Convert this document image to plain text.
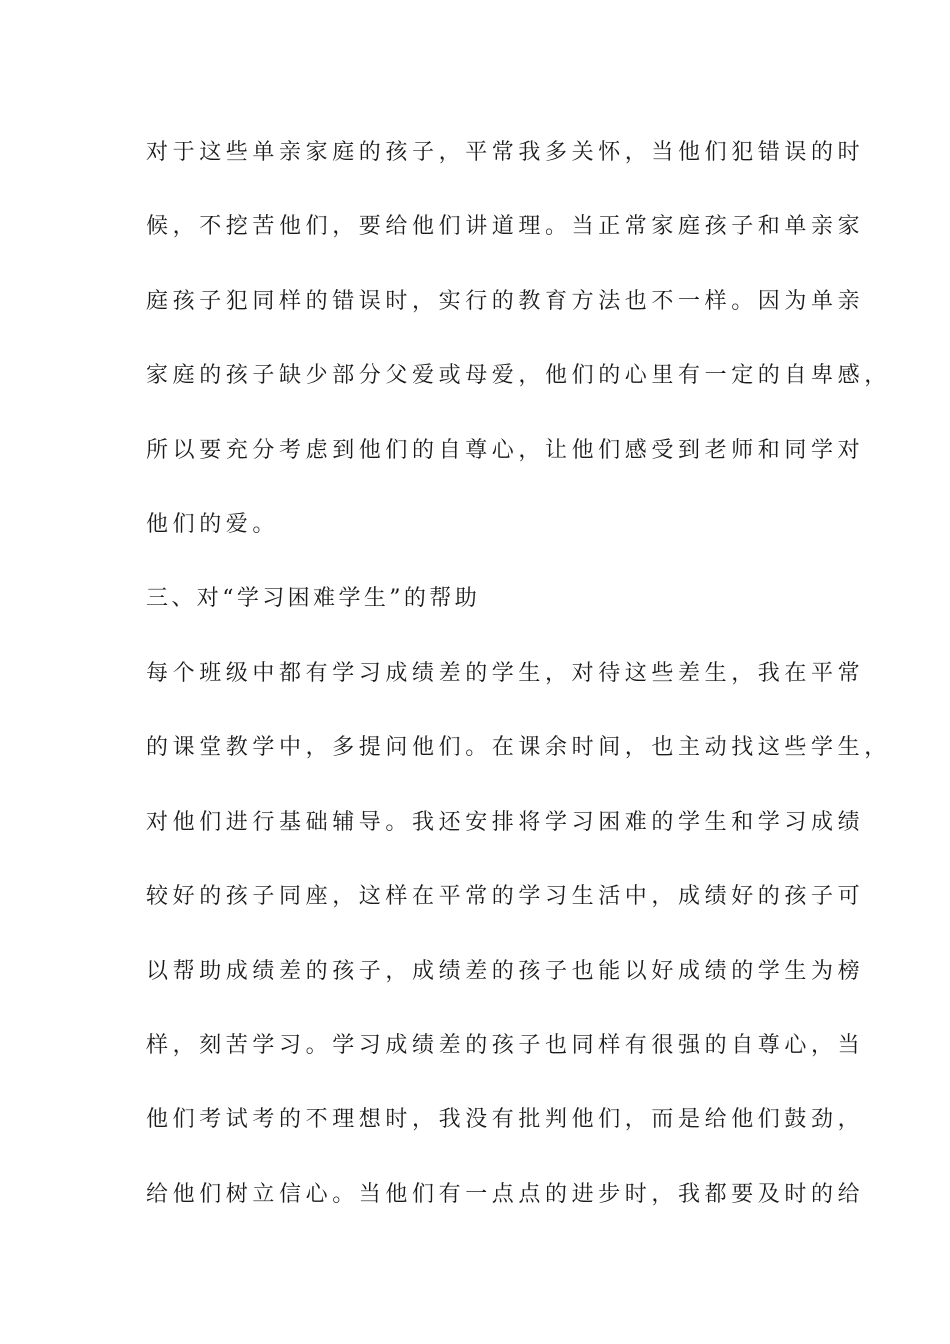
对于这些单亲家庭的孩子，平常我多关怀，当他们犯错误的时
候，不挖苦他们，要给他们讲道理。当正常家庭孩子和单亲家
庭孩子犯同样的错误时，实行的教育方法也不一样。因为单亲
家庭的孩子缺少部分父爱或母爱，他们的心里有一定的自卑感，
所以要充分考虑到他们的自尊心，让他们感受到老师和同学对
他们的爱。
三、对“学习困难学生”的帮助
每个班级中都有学习成绩差的学生，对待这些差生，我在平常
的课堂教学中，多提问他们。在课余时间，也主动找这些学生，
对他们进行基础辅导。我还安排将学习困难的学生和学习成绩
较好的孩子同座，这样在平常的学习生活中，成绩好的孩子可
以帮助成绩差的孩子，成绩差的孩子也能以好成绩的学生为榜
样，刻苦学习。学习成绩差的孩子也同样有很强的自尊心，当
他们考试考的不理想时，我没有批判他们，而是给他们鼓劲，
给他们树立信心。当他们有一点点的进步时，我都要及时的给
